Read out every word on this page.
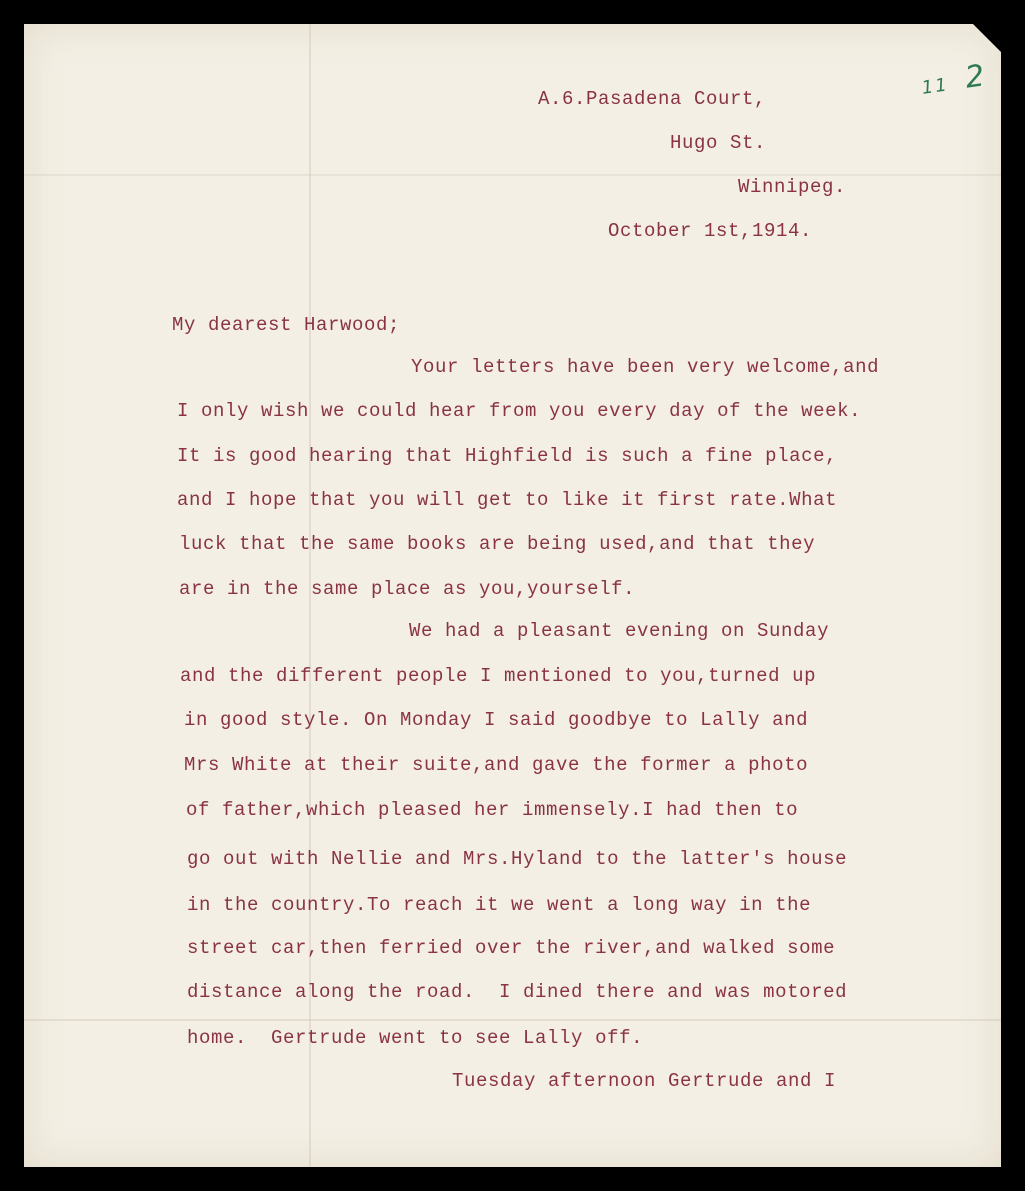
11 2
A.6.Pasadena Court,
Hugo St.
Winnipeg.
October 1st,1914.
My dearest Harwood;
Your letters have been very welcome,and
I only wish we could hear from you every day of the week.
It is good hearing that Highfield is such a fine place,
and I hope that you will get to like it first rate.What
luck that the same books are being used,and that they
are in the same place as you,yourself.
We had a pleasant evening on Sunday
and the different people I mentioned to you,turned up
in good style. On Monday I said goodbye to Lally and
Mrs White at their suite,and gave the former a photo
of father,which pleased her immensely.I had then to
go out with Nellie and Mrs.Hyland to the latter's house
in the country.To reach it we went a long way in the
street car,then ferried over the river,and walked some
distance along the road.  I dined there and was motored
home.  Gertrude went to see Lally off.
Tuesday afternoon Gertrude and I
